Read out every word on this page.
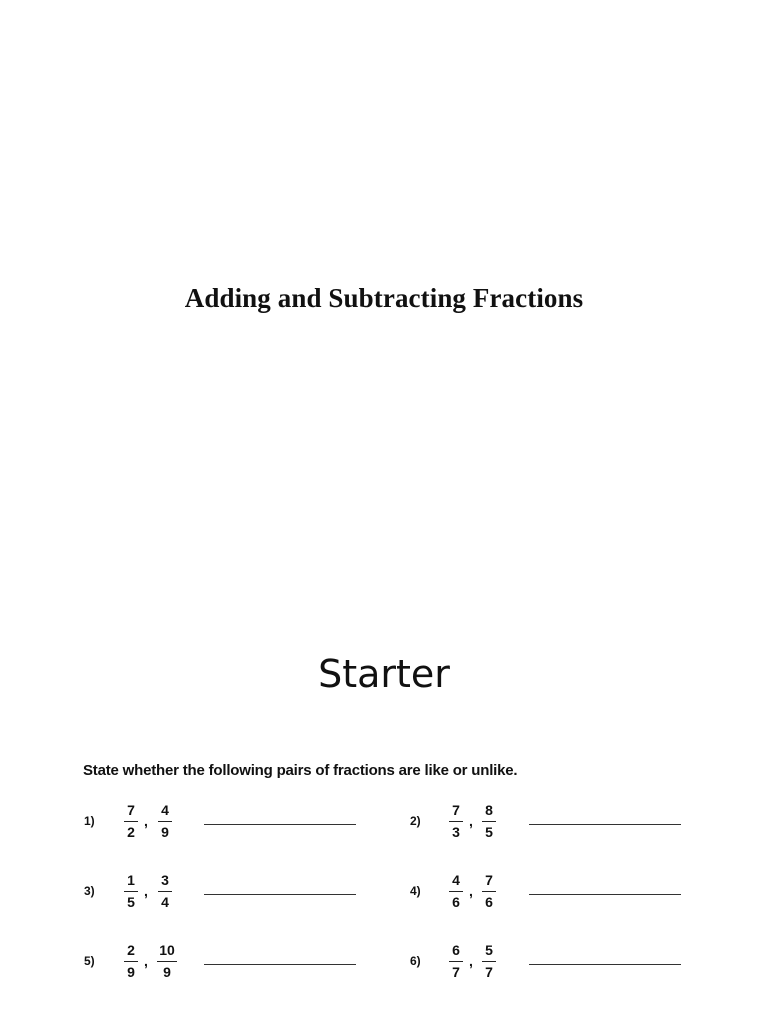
Adding and Subtracting Fractions
Starter
State whether the following pairs of fractions are like or unlike.
1)
7
2
,
4
9
2)
7
3
,
8
5
3)
1
5
,
3
4
4)
4
6
,
7
6
5)
2
9
,
10
9
6)
6
7
,
5
7
